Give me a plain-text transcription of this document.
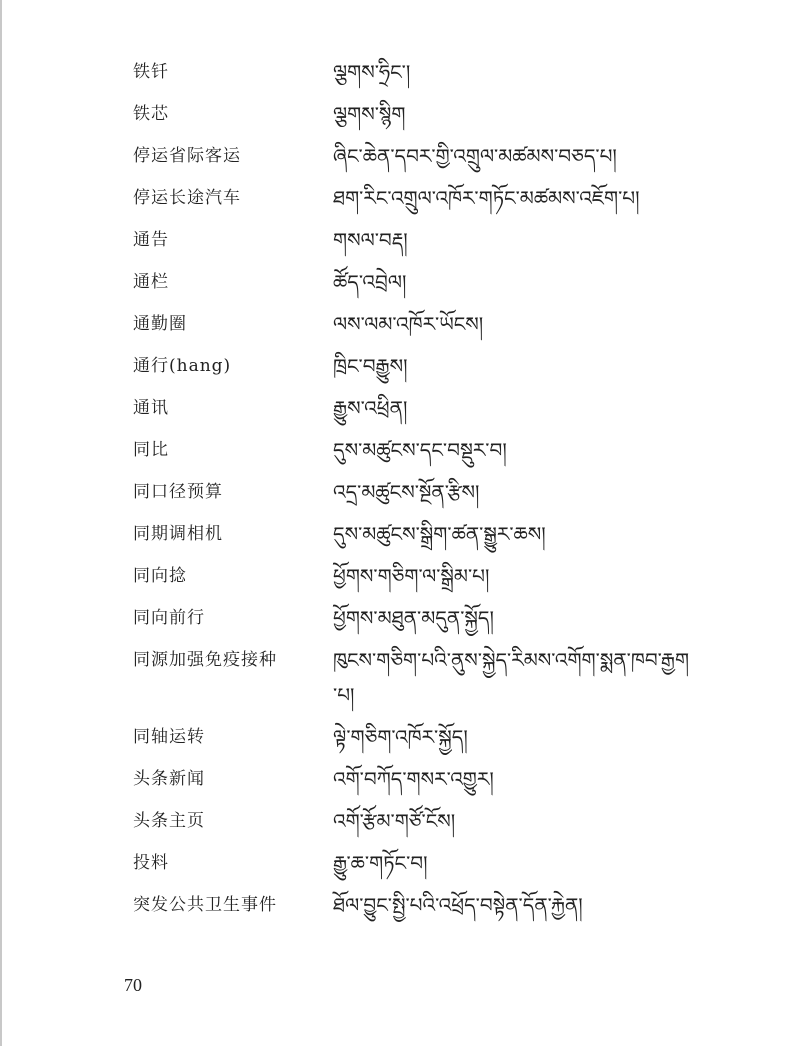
铁钎	ལྕགས་ཧྲིང་།
铁芯	ལྕགས་སྙིག
停运省际客运	ཞིང་ཆེན་དབར་གྱི་འགྲུལ་མཚམས་བཅད་པ།
停运长途汽车	ཐག་རིང་འགྲུལ་འཁོར་གཏོང་མཚམས་འཇོག་པ།
通告	གསལ་བརྡ།
通栏	ཚོད་འབྲེལ།
通勤圈	ལས་ལམ་འཁོར་ཡོངས།
通行(hang)	ཁྲིང་བརྒྱུས།
通讯	རྒྱུས་འཕྲིན།
同比	དུས་མཚུངས་དང་བསྡུར་བ།
同口径预算	འདྲ་མཚུངས་སྔོན་རྩིས།
同期调相机	དུས་མཚུངས་སྒྲིག་ཚན་སྒྱུར་ཆས།
同向捻	ཕྱོགས་གཅིག་ལ་སྒྲིམ་པ།
同向前行	ཕྱོགས་མཐུན་མདུན་སྐྱོད།
同源加强免疫接种	ཁུངས་གཅིག་པའི་ནུས་སྐྱེད་རིམས་འགོག་སྨན་ཁབ་རྒྱག་པ།
同轴运转	ལྟེ་གཅིག་འཁོར་སྐྱོད།
头条新闻	འགོ་བཀོད་གསར་འགྱུར།
头条主页	འགོ་རྩོམ་གཙོ་ངོས།
投料	རྒྱུ་ཆ་གཏོང་བ།
突发公共卫生事件	ཐོལ་བྱུང་སྤྱི་པའི་འཕྲོད་བསྟེན་དོན་རྐྱེན།
70
